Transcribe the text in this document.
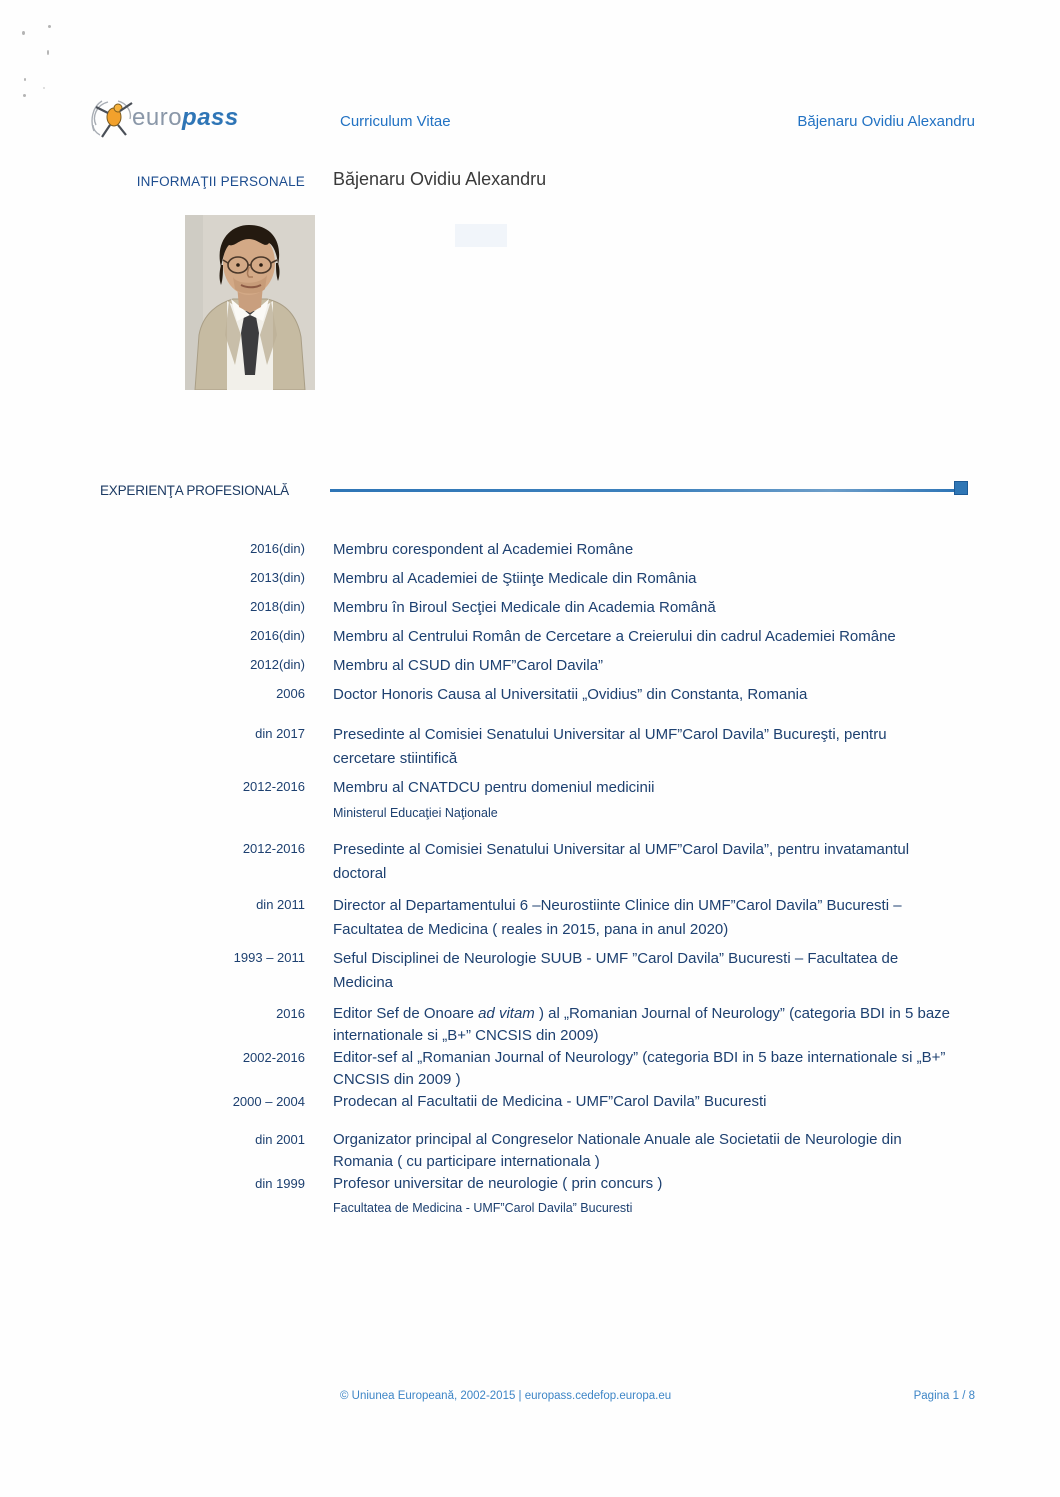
europass	Curriculum Vitae	Băjenaru Ovidiu Alexandru
INFORMAŢII PERSONALE Băjenaru Ovidiu Alexandru
EXPERIENŢA PROFESIONALĂ
2016(din) Membru corespondent al Academiei Române
2013(din) Membru al Academiei de Ştiinţe Medicale din România
2018(din) Membru în Biroul Secţiei Medicale din Academia Română
2016(din) Membru al Centrului Român de Cercetare a Creierului din cadrul Academiei Române
2012(din) Membru al CSUD din UMF”Carol Davila”
2006 Doctor Honoris Causa al Universitatii „Ovidius” din Constanta, Romania
din 2017 Presedinte al Comisiei Senatului Universitar al UMF”Carol Davila” Bucureşti, pentru cercetare stiintifică
2012-2016 Membru al CNATDCU pentru domeniul medicinii
Ministerul Educaţiei Naţionale
2012-2016 Presedinte al Comisiei Senatului Universitar al UMF”Carol Davila”, pentru invatamantul doctoral
din 2011 Director al Departamentului 6 –Neurostiinte Clinice din UMF”Carol Davila” Bucuresti –Facultatea de Medicina ( reales in 2015, pana in anul 2020)
1993 – 2011 Seful Disciplinei de Neurologie SUUB - UMF ”Carol Davila” Bucuresti – Facultatea de Medicina
2016 Editor Sef de Onoare ad vitam ) al „Romanian Journal of Neurology” (categoria BDI in 5 baze internationale si „B+” CNCSIS din 2009)
2002-2016 Editor-sef al „Romanian Journal of Neurology” (categoria BDI in 5 baze internationale si „B+” CNCSIS din 2009 )
2000 – 2004 Prodecan al Facultatii de Medicina - UMF”Carol Davila” Bucuresti
din 2001 Organizator principal al Congreselor Nationale Anuale ale Societatii de Neurologie din Romania ( cu participare internationala )
din 1999 Profesor universitar de neurologie ( prin concurs )
Facultatea de Medicina - UMF”Carol Davila” Bucuresti
© Uniunea Europeană, 2002-2015 | europass.cedefop.europa.eu	Pagina 1 / 8
